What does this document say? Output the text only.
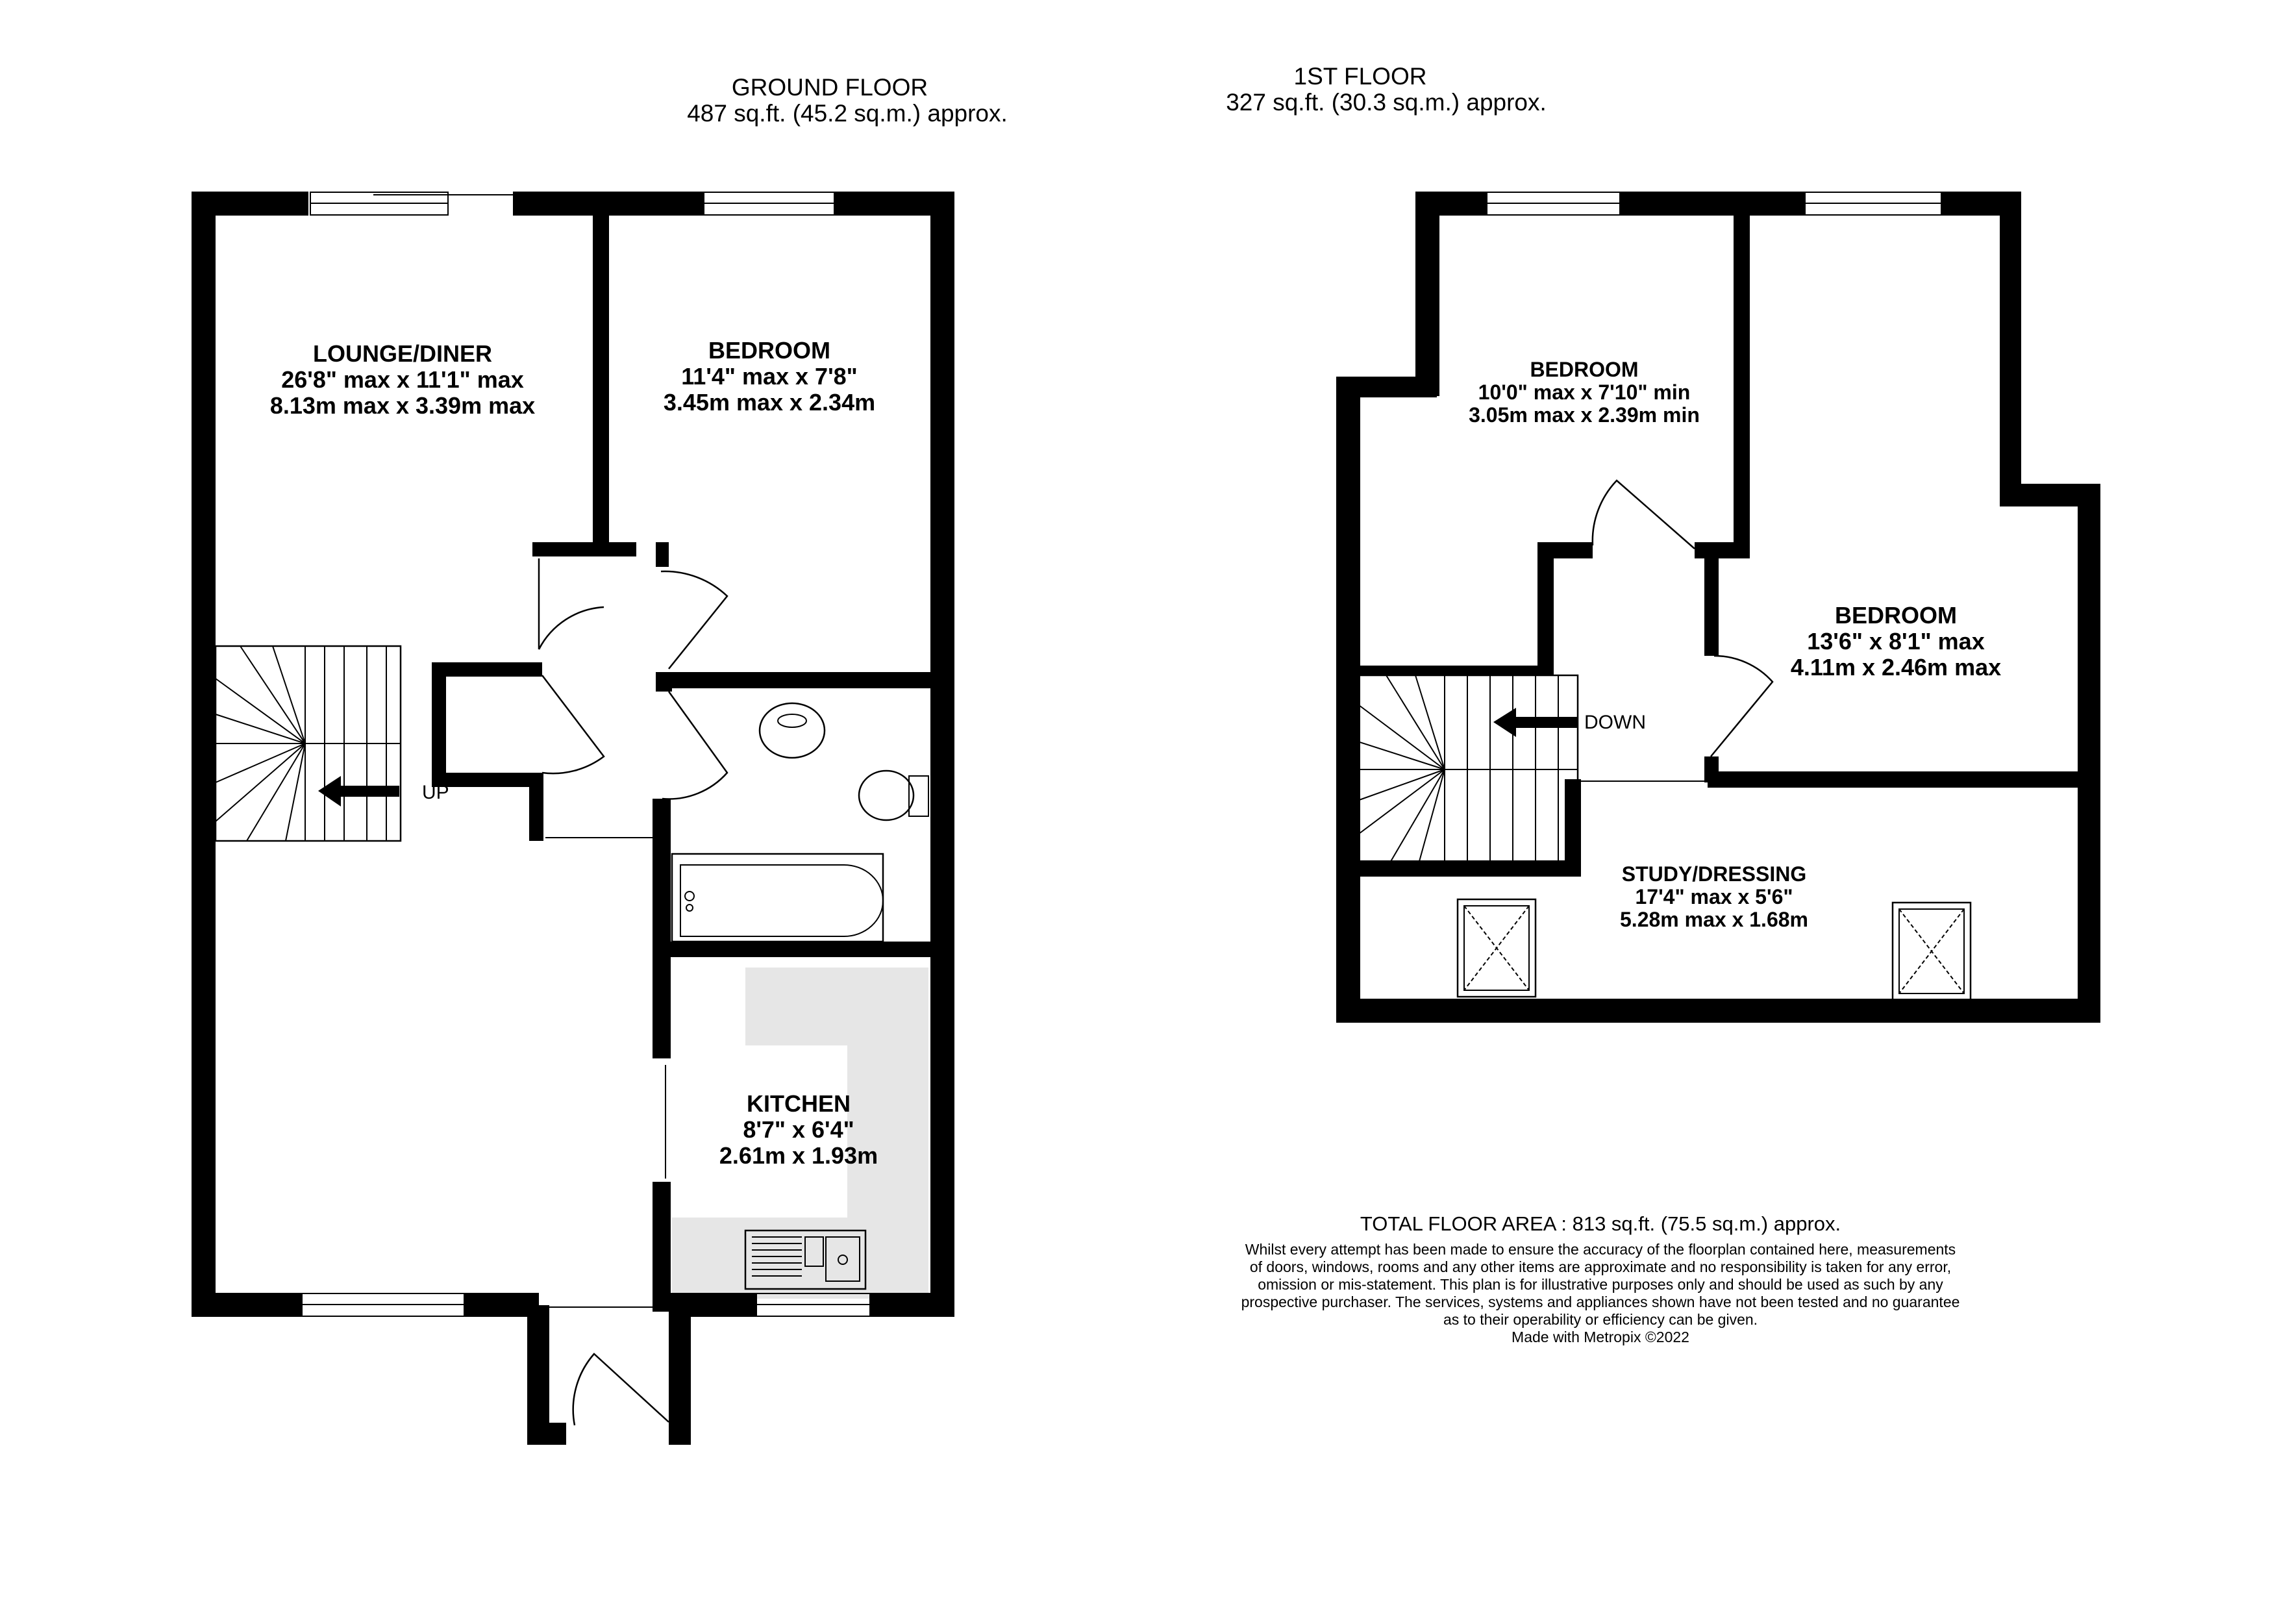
GROUND FLOOR
487 sq.ft. (45.2 sq.m.) approx.
1ST FLOOR
327 sq.ft. (30.3 sq.m.) approx.
UP
LOUNGE/DINER
26'8" max x 11'1" max
8.13m max x 3.39m max
BEDROOM
11'4" max x 7'8"
3.45m max x 2.34m
KITCHEN
8'7" x 6'4"
2.61m x 1.93m
DOWN
BEDROOM
10'0" max x 7'10" min
3.05m max x 2.39m min
BEDROOM
13'6" x 8'1" max
4.11m x 2.46m max
STUDY/DRESSING
17'4" max x 5'6"
5.28m max x 1.68m
TOTAL FLOOR AREA : 813 sq.ft. (75.5 sq.m.) approx.
Whilst every attempt has been made to ensure the accuracy of the floorplan contained here, measurements
of doors, windows, rooms and any other items are approximate and no responsibility is taken for any error,
omission or mis-statement. This plan is for illustrative purposes only and should be used as such by any
prospective purchaser. The services, systems and appliances shown have not been tested and no guarantee
as to their operability or efficiency can be given.
Made with Metropix ©2022
